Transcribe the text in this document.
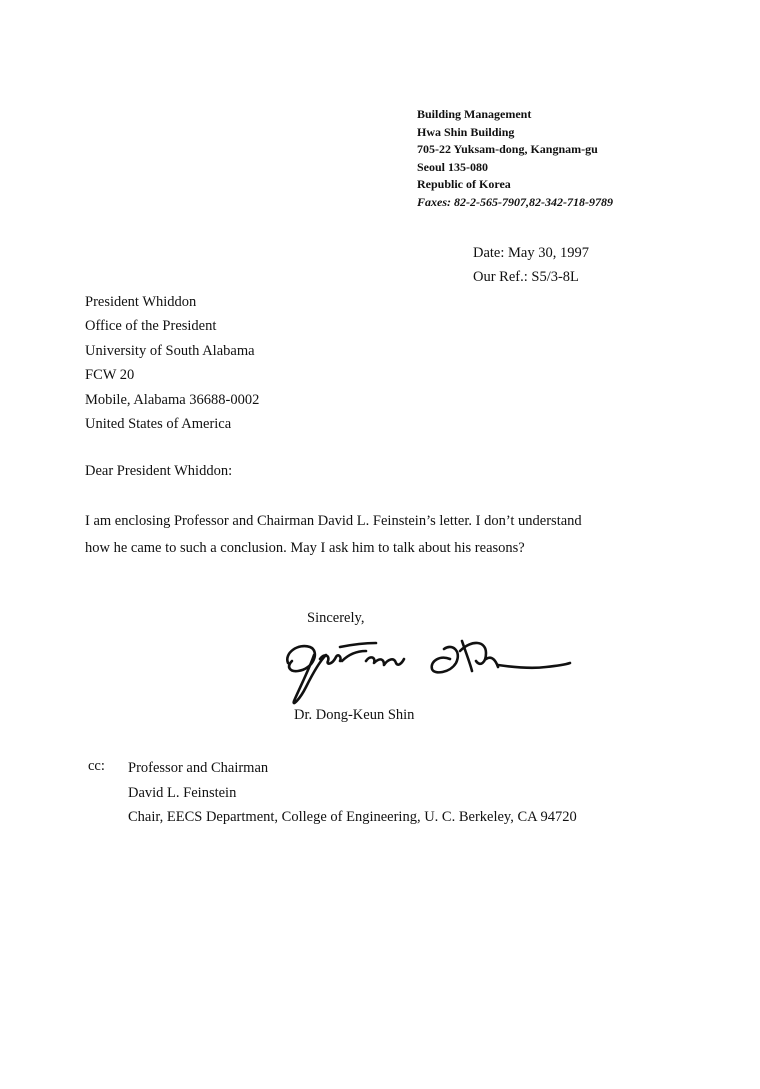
Building Management
Hwa Shin Building
705-22 Yuksam-dong, Kangnam-gu
Seoul 135-080
Republic of Korea
Faxes: 82-2-565-7907,82-342-718-9789
Date: May 30, 1997
Our Ref.: S5/3-8L
President Whiddon
Office of the President
University of South Alabama
FCW 20
Mobile, Alabama 36688-0002
United States of America
Dear President Whiddon:
I am enclosing Professor and Chairman David L. Feinstein’s letter. I don’t understand
how he came to such a conclusion. May I ask him to talk about his reasons?
Sincerely,
Dr. Dong-Keun Shin
cc: Professor and Chairman
David L. Feinstein
Chair, EECS Department, College of Engineering, U. C. Berkeley, CA 94720
